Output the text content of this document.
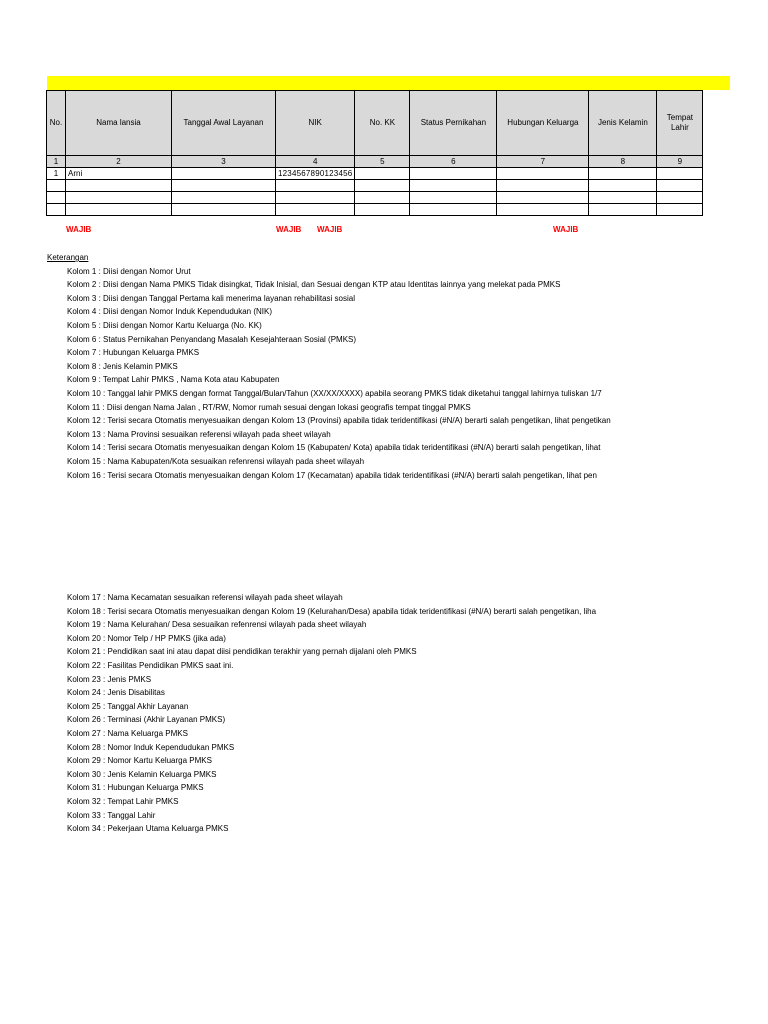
No.	Nama lansia	Tanggal Awal Layanan	NIK	No. KK	Status Pernikahan	Hubungan Keluarga	Jenis Kelamin	Tempat Lahir
1	2	3	4	5	6	7	8	9
1	Arni		1234567890123456					

WAJIB	WAJIB WAJIB	WAJIB
Keterangan
Kolom 1 : Diisi dengan Nomor Urut
Kolom 2 : Diisi dengan Nama PMKS Tidak disingkat, Tidak Inisial, dan Sesuai dengan KTP atau Identitas lainnya yang melekat pada PMKS
Kolom 3 : Diisi dengan Tanggal Pertama kali menerima layanan rehabilitasi sosial
Kolom 4 : Diisi dengan Nomor Induk Kependudukan (NIK)
Kolom 5 : Diisi dengan Nomor Kartu Keluarga (No. KK)
Kolom 6 : Status Pernikahan Penyandang Masalah Kesejahteraan Sosial (PMKS)
Kolom 7 : Hubungan Keluarga PMKS
Kolom 8 : Jenis Kelamin PMKS
Kolom 9 : Tempat Lahir PMKS , Nama Kota atau Kabupaten
Kolom 10 : Tanggal lahir PMKS dengan format Tanggal/Bulan/Tahun (XX/XX/XXXX) apabila seorang PMKS tidak diketahui tanggal lahirnya tuliskan 1/7
Kolom 11 : Diisi dengan Nama Jalan , RT/RW, Nomor rumah sesuai dengan lokasi geografis tempat tinggal PMKS
Kolom 12 : Terisi secara Otomatis menyesuaikan dengan Kolom 13 (Provinsi) apabila tidak teridentifikasi (#N/A) berarti salah pengetikan, lihat pengetikan
Kolom 13 : Nama Provinsi sesuaikan referensi wilayah pada sheet wilayah
Kolom 14 : Terisi secara Otomatis menyesuaikan dengan Kolom 15 (Kabupaten/ Kota) apabila tidak teridentifikasi (#N/A) berarti salah pengetikan, lihat
Kolom 15 : Nama Kabupaten/Kota sesuaikan refenrensi wilayah pada sheet wilayah
Kolom 16 : Terisi secara Otomatis menyesuaikan dengan Kolom 17 (Kecamatan) apabila tidak teridentifikasi (#N/A) berarti salah pengetikan, lihat pen
Kolom 17 : Nama Kecamatan sesuaikan referensi wilayah pada sheet wilayah
Kolom 18 : Terisi secara Otomatis menyesuaikan dengan Kolom 19 (Kelurahan/Desa) apabila tidak teridentifikasi (#N/A) berarti salah pengetikan, liha
Kolom 19 : Nama Kelurahan/ Desa sesuaikan refenrensi wilayah pada sheet wilayah
Kolom 20 : Nomor Telp / HP PMKS (jika ada)
Kolom 21 : Pendidikan saat ini atau dapat diisi pendidikan terakhir yang pernah dijalani oleh PMKS
Kolom 22 : Fasilitas Pendidikan PMKS saat ini.
Kolom 23 : Jenis PMKS
Kolom 24 : Jenis Disabilitas
Kolom 25 : Tanggal Akhir Layanan
Kolom 26 : Terminasi (Akhir Layanan PMKS)
Kolom 27 : Nama Keluarga PMKS
Kolom 28 : Nomor Induk Kependudukan PMKS
Kolom 29 : Nomor Kartu Keluarga PMKS
Kolom 30 : Jenis Kelamin Keluarga PMKS
Kolom 31 : Hubungan Keluarga PMKS
Kolom 32 : Tempat Lahir PMKS
Kolom 33 : Tanggal Lahir
Kolom 34 : Pekerjaan Utama Keluarga PMKS
